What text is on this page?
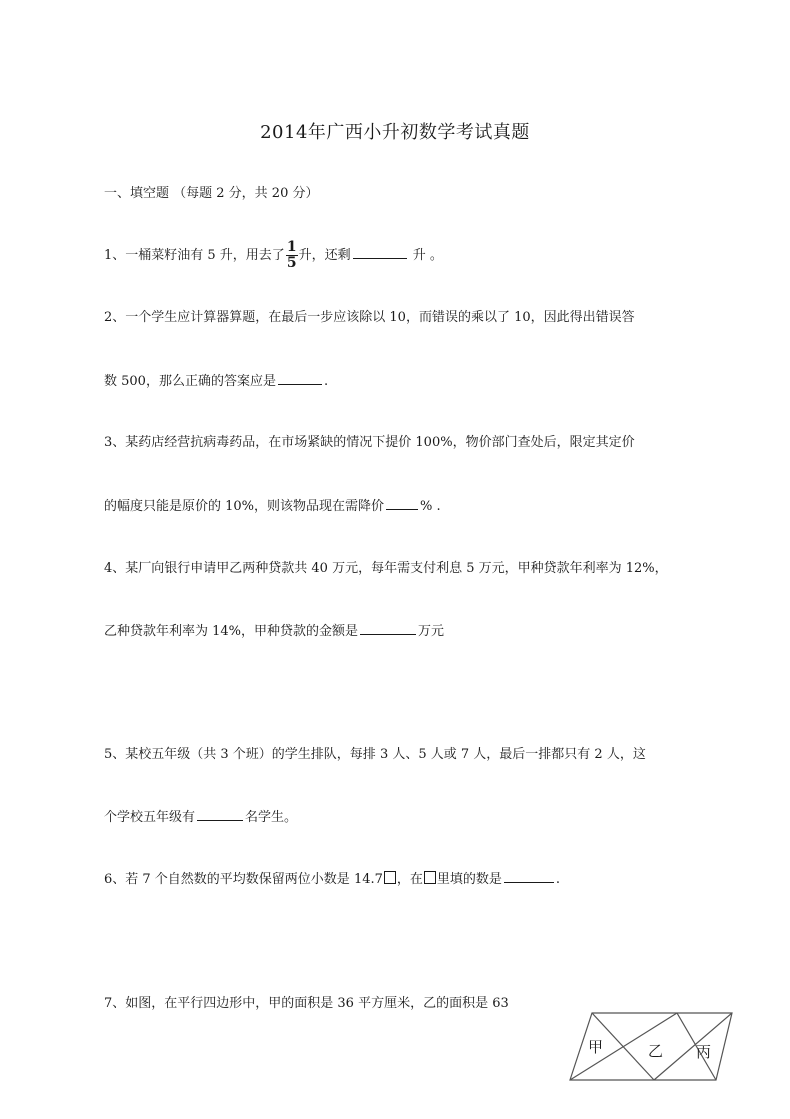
2014年广西小升初数学考试真题
一、填空题 （每题 2 分，共 20 分）
1、一桶菜籽油有 5 升，用去了 $\frac{1}{5}$ 升，还剩	升 。
2、一个学生应计算器算题，在最后一步应该除以 10，而错误的乘以了 10，因此得出错误答
数 500，那么正确的答案应是	.
3、某药店经营抗病毒药品，在市场紧缺的情况下提价 100%，物价部门查处后，限定其定价
的幅度只能是原价的 10%，则该物品现在需降价	% .
4、某厂向银行申请甲乙两种贷款共 40 万元，每年需支付利息 5 万元，甲种贷款年利率为 12%，
乙种贷款年利率为 14%，甲种贷款的金额是	万元
5、某校五年级（共 3 个班）的学生排队，每排 3 人、5 人或 7 人，最后一排都只有 2 人，这
个学校五年级有	名学生。
6、若 7 个自然数的平均数保留两位小数是 14.7 ，在 里填的数是	.
7、如图，在平行四边形中，甲的面积是 36 平方厘米，乙的面积是 63
甲	乙 丙
